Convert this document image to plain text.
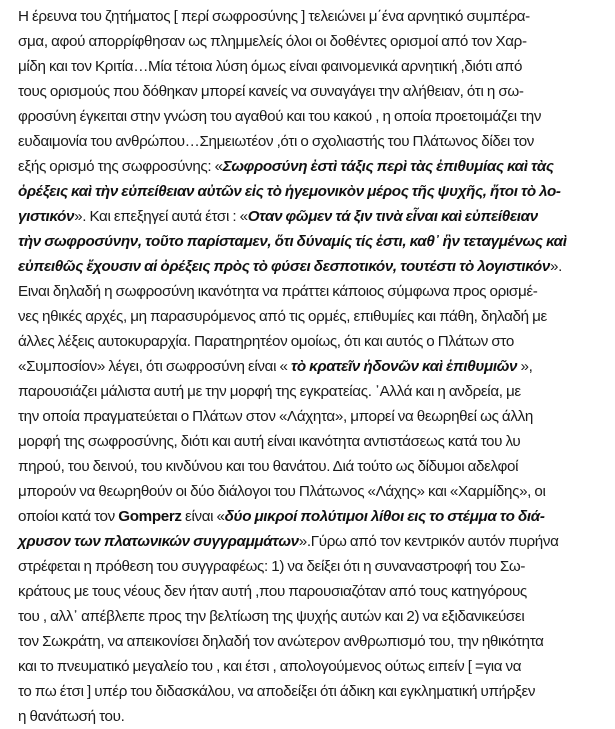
Η έρευνα του ζητήματος [ περί σωφροσύνης ] τελειώνει μ΄ένα αρνητικό συμπέρα-
σμα, αφού απορρίφθησαν ως πλημμελείς όλοι οι δοθέντες ορισμοί από τον Χαρ-
μίδη και τον Κριτία…Μία τέτοια λύση όμως είναι φαινομενικά αρνητική ,διότι από
τους ορισμούς που δόθηκαν μπορεί κανείς να συναγάγει την αλήθειαν, ότι η σω-
φροσύνη έγκειται στην γνώση του αγαθού και του κακού , η οποία προετοιμάζει την
ευδαιμονία του ανθρώπου…Σημειωτέον ,ότι ο σχολιαστής του Πλάτωνος δίδει τον
εξής ορισμό της σωφροσύνης: «Σωφροσύνη ἐστὶ τάξις περὶ τὰς ἐπιθυμίας καὶ τὰς
ὀρέξεις καὶ τὴν εὐπείθειαν αὐτῶν εἰς τὸ ἡγεμονικὸν μέρος τῆς ψυχῆς, ἤτοι τὸ λο-
γιστικόν». Και επεξηγεί αυτά έτσι : «Οταν φῶμεν τά ξιν τινὰ εἶναι καὶ εὐπείθειαν
τὴν σωφροσύνην, τοῦτο παρίσταμεν, ὅτι δύναμίς τίς ἐστι, καθ᾽ ἣν τεταγμένως καὶ
εὐπειθῶς ἔχουσιν αἱ ὀρέξεις πρὸς τὸ φύσει δεσποτικόν, τουτέστι τὸ λογιστικόν».
Ειναι δηλαδή η σωφροσύνη ικανότητα να πράττει κάποιος σύμφωνα προς ορισμέ-
νες ηθικές αρχές, μη παρασυρόμενος από τις ορμές, επιθυμίες και πάθη, δηλαδή με
άλλες λέξεις αυτοκυραρχία. Παρατηρητέον ομοίως, ότι και αυτός ο Πλάτων στο
«Συμποσίον» λέγει, ότι σωφροσύνη είναι « τὸ κρατεῖν ἡδονῶν καὶ ἐπιθυμιῶν »,
παρουσιάζει μάλιστα αυτή με την μορφή της εγκρατείας. ᾽Αλλά και η ανδρεία, με
την οποία πραγματεύεται ο Πλάτων στον «Λάχητα», μπορεί να θεωρηθεί ως άλλη
μορφή της σωφροσύνης, διότι και αυτή είναι ικανότητα αντιστάσεως κατά του λυ
πηρού, του δεινού, του κινδύνου και του θανάτου. Διά τούτο ως δίδυμοι αδελφοί
μπορούν να θεωρηθούν οι δύο διάλογοι του Πλάτωνος «Λάχης» και «Χαρμίδης», οι
οποίοι κατά τον Gomperz είναι «δύο μικροί πολύτιμοι λίθοι εις το στέμμα το διά-
χρυσον των πλατωνικών συγγραμμάτων».Γύρω από τον κεντρικόν αυτόν πυρήνα
στρέφεται η πρόθεση του συγγραφέως: 1) να δείξει ότι η συναναστροφή του Σω-
κράτους με τους νέους δεν ήταν αυτή ,που παρουσιαζόταν από τους κατηγόρους
του , αλλ᾽ απέβλεπε προς την βελτίωση της ψυχής αυτών και 2) να εξιδανικεύσει
τον Σωκράτη, να απεικονίσει δηλαδή τον ανώτερον ανθρωπισμό του, την ηθικότητα
και το πνευματικό μεγαλείο του , και έτσι , απολογούμενος ούτως ειπείν [ =για να
το πω έτσι ] υπέρ του διδασκάλου, να αποδείξει ότι άδικη και εγκληματική υπήρξεν
η θανάτωσή του.
